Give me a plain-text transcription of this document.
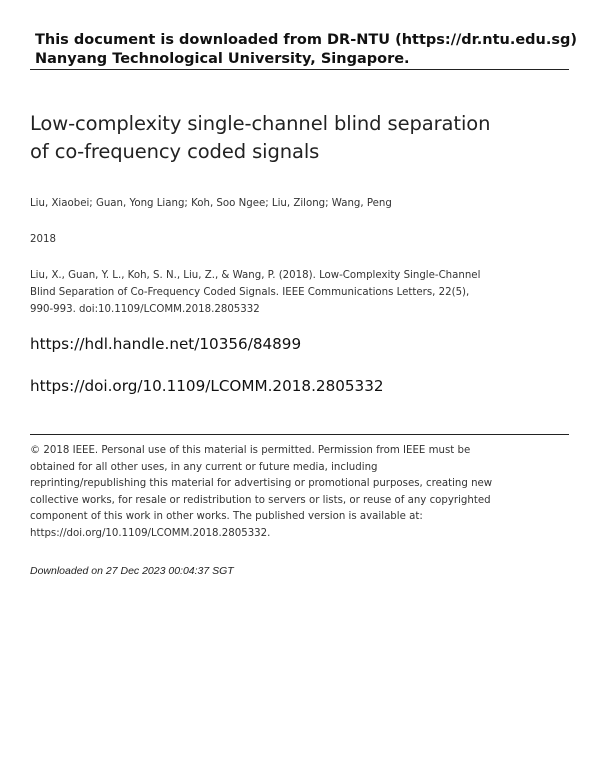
This document is downloaded from DR‑NTU (https://dr.ntu.edu.sg)
Nanyang Technological University, Singapore.
Low‑complexity single‑channel blind separation
of co‑frequency coded signals
Liu, Xiaobei; Guan, Yong Liang; Koh, Soo Ngee; Liu, Zilong; Wang, Peng
2018
Liu, X., Guan, Y. L., Koh, S. N., Liu, Z., & Wang, P. (2018). Low‑Complexity Single‑Channel
Blind Separation of Co‑Frequency Coded Signals. IEEE Communications Letters, 22(5),
990‑993. doi:10.1109/LCOMM.2018.2805332
https://hdl.handle.net/10356/84899
https://doi.org/10.1109/LCOMM.2018.2805332
© 2018 IEEE. Personal use of this material is permitted. Permission from IEEE must be
obtained for all other uses, in any current or future media, including
reprinting/republishing this material for advertising or promotional purposes, creating new
collective works, for resale or redistribution to servers or lists, or reuse of any copyrighted
component of this work in other works. The published version is available at:
https://doi.org/10.1109/LCOMM.2018.2805332.
Downloaded on 27 Dec 2023 00:04:37 SGT
